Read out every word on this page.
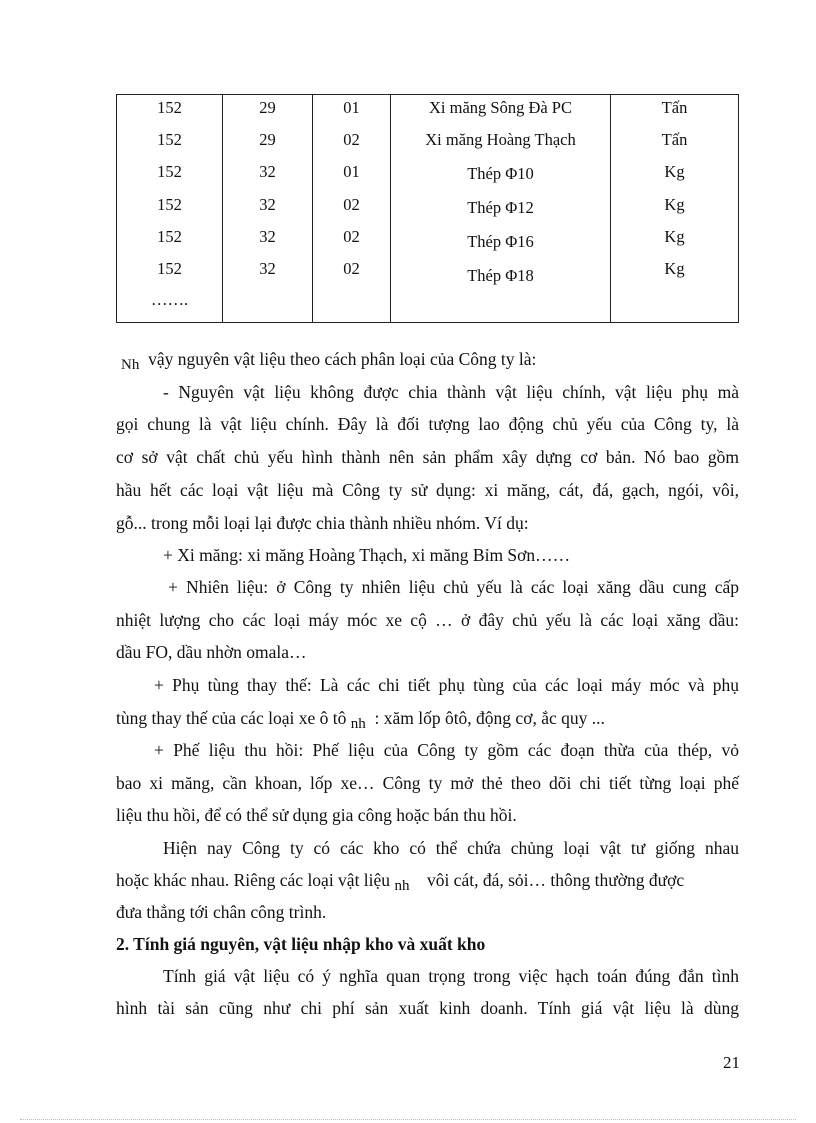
152
152
152
152
152
152
…….
29
29
32
32
32
32
01
02
01
02
02
02
Xi măng Sông Đà PC
Xi măng Hoàng Thạch
Thép Φ10
Thép Φ12
Thép Φ16
Thép Φ18
Tấn
Tấn
Kg
Kg
Kg
Kg
Nh vậy nguyên vật liệu theo cách phân loại của Công ty là:
- Nguyên vật liệu không được chia thành vật liệu chính, vật liệu phụ mà
gọi chung là vật liệu chính. Đây là đối tượng lao động chủ yếu của Công ty, là
cơ sở vật chất chủ yếu hình thành nên sản phẩm xây dựng cơ bản. Nó bao gồm
hầu hết các loại vật liệu mà Công ty sử dụng: xi măng, cát, đá, gạch, ngói, vôi,
gỗ... trong mỗi loại lại được chia thành nhiều nhóm. Ví dụ:
+ Xi măng: xi măng Hoàng Thạch, xi măng Bỉm Sơn……
+ Nhiên liệu: ở Công ty nhiên liệu chủ yếu là các loại xăng dầu cung cấp
nhiệt lượng cho các loại máy móc xe cộ … ở đây chủ yếu là các loại xăng dầu:
dầu FO, dầu nhờn omala…
+ Phụ tùng thay thế: Là các chi tiết phụ tùng của các loại máy móc và phụ
tùng thay thế của các loại xe ô tô nh : xăm lốp ôtô, động cơ, ắc quy ...
+ Phế liệu thu hồi: Phế liệu của Công ty gồm các đoạn thừa của thép, vỏ
bao xi măng, cần khoan, lốp xe… Công ty mở thẻ theo dõi chi tiết từng loại phế
liệu thu hồi, để có thể sử dụng gia công hoặc bán thu hồi.
Hiện nay Công ty có các kho có thể chứa chủng loại vật tư giống nhau
hoặc khác nhau. Riêng các loại vật liệu nh vôi cát, đá, sỏi… thông thường được
đưa thẳng tới chân công trình.
2. Tính giá nguyên, vật liệu nhập kho và xuất kho
Tính giá vật liệu có ý nghĩa quan trọng trong việc hạch toán đúng đắn tình
hình tài sản cũng như chi phí sản xuất kinh doanh. Tính giá vật liệu là dùng
21
